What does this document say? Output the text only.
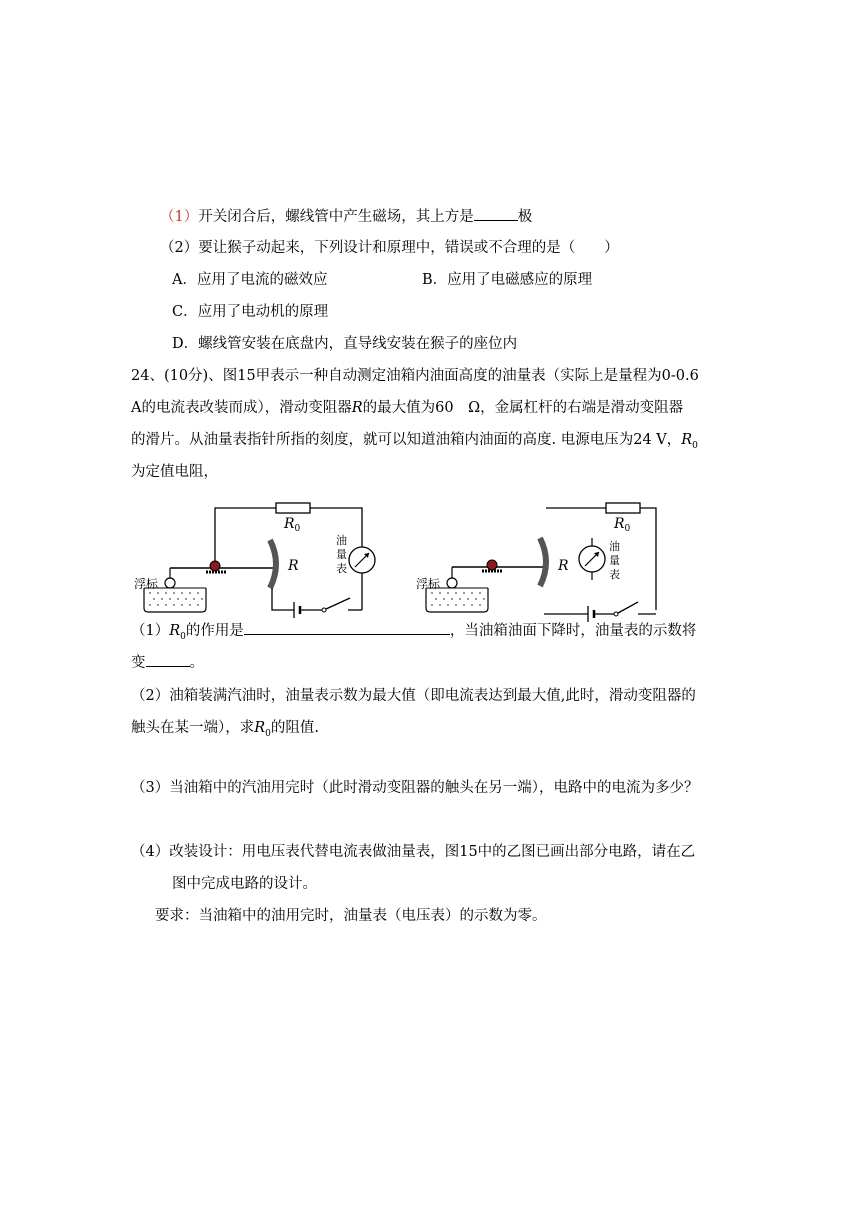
（1）开关闭合后，螺线管中产生磁场，其上方是	极
（2）要让猴子动起来，下列设计和原理中，错误或不合理的是（　　）
A．应用了电流的磁效应	B．应用了电磁感应的原理
C．应用了电动机的原理
D．螺线管安装在底盘内，直导线安装在猴子的座位内
24、(10分)、图15甲表示一种自动测定油箱内油面高度的油量表（实际上是量程为0-0.6
A的电流表改装而成），滑动变阻器R的最大值为60　Ω，金属杠杆的右端是滑动变阻器
的滑片。从油量表指针所指的刻度，就可以知道油箱内油面的高度. 电源电压为24 V，$R_0$
为定值电阻，
$R_0$
油
量
表
R
浮标
$R_0$
油
量
表
R
浮标
$(1)R_0$的作用是	，当油箱油面下降时，油量表的示数将
变	。
（2）油箱装满汽油时，油量表示数为最大值（即电流表达到最大值,此时，滑动变阻器的
触头在某一端），求$R_0$的阻值.
（3）当油箱中的汽油用完时（此时滑动变阻器的触头在另一端），电路中的电流为多少？
（4）改装设计：用电压表代替电流表做油量表，图15中的乙图已画出部分电路，请在乙
图中完成电路的设计。
要求：当油箱中的油用完时，油量表（电压表）的示数为零。
